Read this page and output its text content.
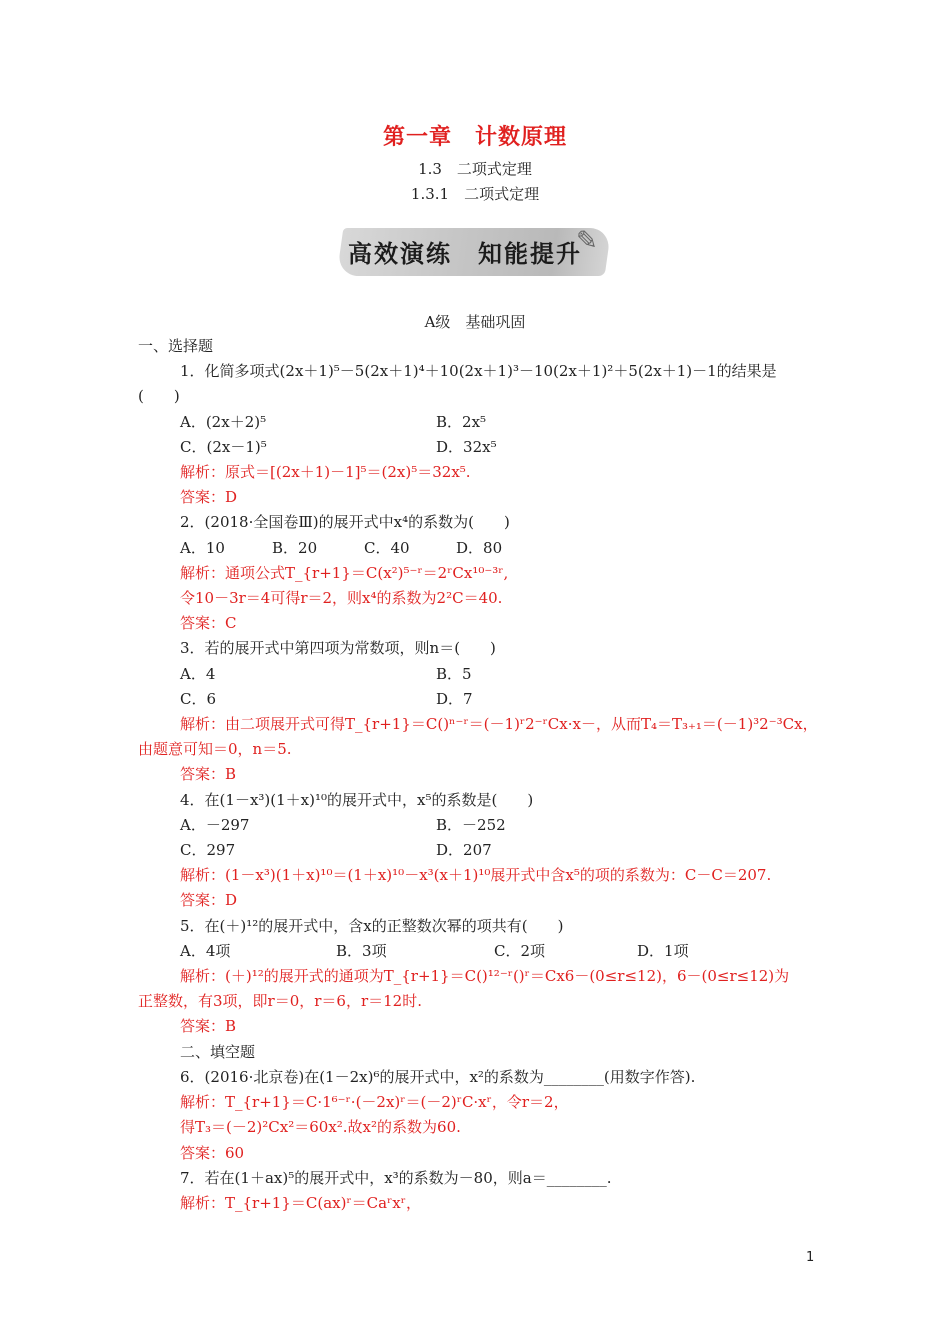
第一章　计数原理
1.3　二项式定理
1.3.1　二项式定理
高效演练　知能提升
✎
A级　基础巩固
一、选择题
1．化简多项式(2x＋1)⁵－5(2x＋1)⁴＋10(2x＋1)³－10(2x＋1)²＋5(2x＋1)－1的结果是
(　　)
A．(2x＋2)⁵	B．2x⁵
C．(2x－1)⁵	D．32x⁵
解析：原式＝[(2x＋1)－1]⁵＝(2x)⁵＝32x⁵.
答案：D
2．(2018·全国卷Ⅲ)的展开式中x⁴的系数为(　　)
A．10	B．20	C．40	D．80
解析：通项公式T_{r+1}＝C(x²)⁵⁻ʳ＝2ʳCx¹⁰⁻³ʳ,
令10－3r＝4可得r＝2，则x⁴的系数为2²C＝40.
答案：C
3．若的展开式中第四项为常数项，则n＝(　　)
A．4	B．5
C．6	D．7
解析：由二项展开式可得T_{r+1}＝C()ⁿ⁻ʳ＝(－1)ʳ2⁻ʳCx·x－，从而T₄＝T₃₊₁＝(－1)³2⁻³Cx，
由题意可知＝0，n＝5.
答案：B
4．在(1－x³)(1＋x)¹⁰的展开式中，x⁵的系数是(　　)
A．－297	B．－252
C．297	D．207
解析：(1－x³)(1＋x)¹⁰＝(1＋x)¹⁰－x³(x＋1)¹⁰展开式中含x⁵的项的系数为：C－C＝207.
答案：D
5．在(＋)¹²的展开式中，含x的正整数次幂的项共有(　　)
A．4项	B．3项	C．2项	D．1项
解析：(＋)¹²的展开式的通项为T_{r+1}＝C()¹²⁻ʳ()ʳ＝Cx6－(0≤r≤12)，6－(0≤r≤12)为
正整数，有3项，即r＝0，r＝6，r＝12时.
答案：B
二、填空题
6．(2016·北京卷)在(1－2x)⁶的展开式中，x²的系数为________(用数字作答).
解析：T_{r+1}＝C·1⁶⁻ʳ·(－2x)ʳ＝(－2)ʳC·xʳ，令r＝2，
得T₃＝(－2)²Cx²＝60x².故x²的系数为60.
答案：60
7．若在(1＋ax)⁵的展开式中，x³的系数为－80，则a＝________.
解析：T_{r+1}＝C(ax)ʳ＝Caʳxʳ，
1
